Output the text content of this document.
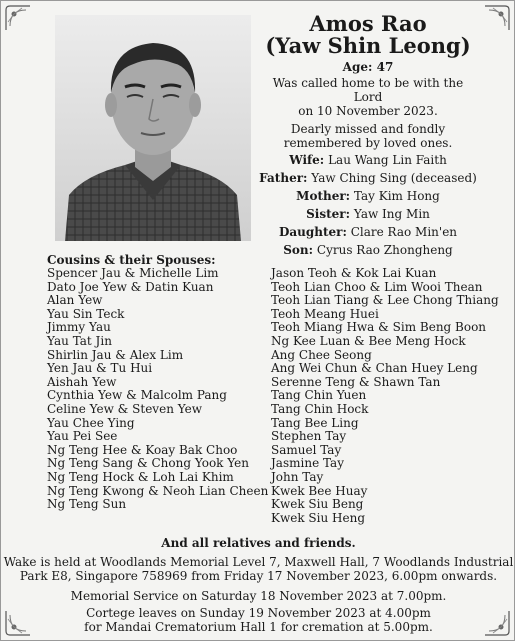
Amos Rao
(Yaw Shin Leong)
Age: 47
Was called home to be with the Lord
on 10 November 2023.
Dearly missed and fondly
remembered by loved ones.
Wife: Lau Wang Lin Faith
Father: Yaw Ching Sing (deceased)
Mother: Tay Kim Hong
Sister: Yaw Ing Min
Daughter: Clare Rao Min'en
Son: Cyrus Rao Zhongheng
Cousins & their Spouses:
Spencer Jau & Michelle Lim
Dato Joe Yew & Datin Kuan
Alan Yew
Yau Sin Teck
Jimmy Yau
Yau Tat Jin
Shirlin Jau & Alex Lim
Yen Jau & Tu Hui
Aishah Yew
Cynthia Yew & Malcolm Pang
Celine Yew & Steven Yew
Yau Chee Ying
Yau Pei See
Ng Teng Hee & Koay Bak Choo
Ng Teng Sang & Chong Yook Yen
Ng Teng Hock & Loh Lai Khim
Ng Teng Kwong & Neoh Lian Cheen
Ng Teng Sun
Jason Teoh & Kok Lai Kuan
Teoh Lian Choo & Lim Wooi Thean
Teoh Lian Tiang & Lee Chong Thiang
Teoh Meang Huei
Teoh Miang Hwa & Sim Beng Boon
Ng Kee Luan & Bee Meng Hock
Ang Chee Seong
Ang Wei Chun & Chan Huey Leng
Serenne Teng & Shawn Tan
Tang Chin Yuen
Tang Chin Hock
Tang Bee Ling
Stephen Tay
Samuel Tay
Jasmine Tay
John Tay
Kwek Bee Huay
Kwek Siu Beng
Kwek Siu Heng
And all relatives and friends.
Wake is held at Woodlands Memorial Level 7, Maxwell Hall, 7 Woodlands Industrial
Park E8, Singapore 758969 from Friday 17 November 2023, 6.00pm onwards.
Memorial Service on Saturday 18 November 2023 at 7.00pm.
Cortege leaves on Sunday 19 November 2023 at 4.00pm
for Mandai Crematorium Hall 1 for cremation at 5.00pm.
